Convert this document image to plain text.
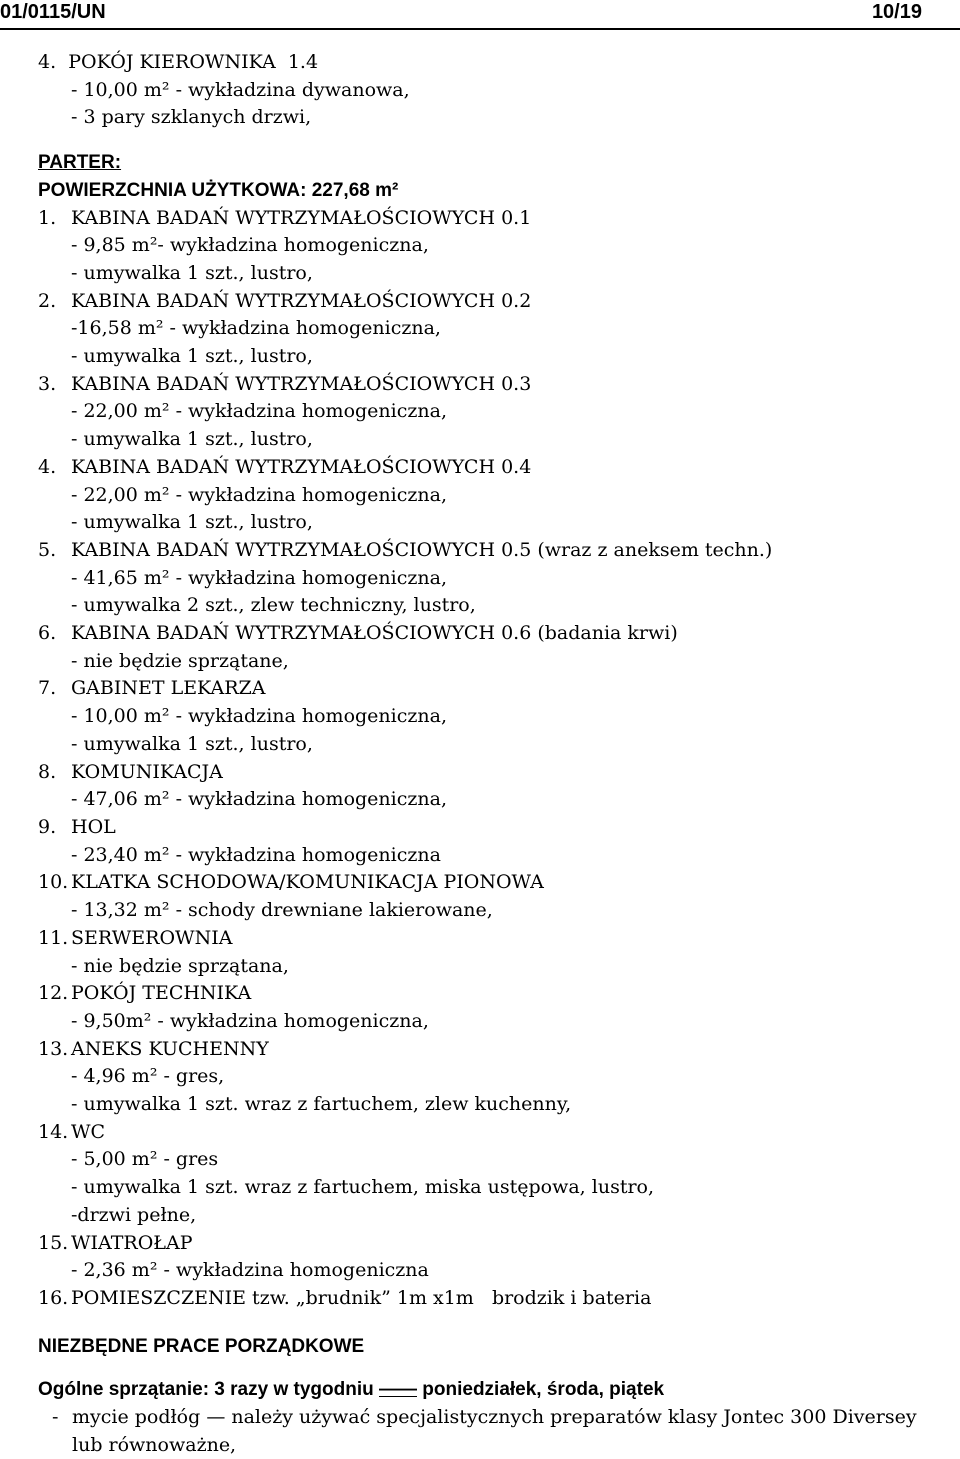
01/0115/UN	10/19
4.  POKÓJ KIEROWNIKA  1.4
- 10,00 m² - wykładzina dywanowa,
- 3 pary szklanych drzwi,
PARTER:
POWIERZCHNIA UŻYTKOWA: 227,68 m²
1. KABINA BADAŃ WYTRZYMAŁOŚCIOWYCH 0.1
- 9,85 m²- wykładzina homogeniczna,
- umywalka 1 szt., lustro,
2. KABINA BADAŃ WYTRZYMAŁOŚCIOWYCH 0.2
-16,58 m² - wykładzina homogeniczna,
- umywalka 1 szt., lustro,
3. KABINA BADAŃ WYTRZYMAŁOŚCIOWYCH 0.3
- 22,00 m² - wykładzina homogeniczna,
- umywalka 1 szt., lustro,
4. KABINA BADAŃ WYTRZYMAŁOŚCIOWYCH 0.4
- 22,00 m² - wykładzina homogeniczna,
- umywalka 1 szt., lustro,
5. KABINA BADAŃ WYTRZYMAŁOŚCIOWYCH 0.5 (wraz z aneksem techn.)
- 41,65 m² - wykładzina homogeniczna,
- umywalka 2 szt., zlew techniczny, lustro,
6. KABINA BADAŃ WYTRZYMAŁOŚCIOWYCH 0.6 (badania krwi)
- nie będzie sprzątane,
7. GABINET LEKARZA
- 10,00 m² - wykładzina homogeniczna,
- umywalka 1 szt., lustro,
8. KOMUNIKACJA
- 47,06 m² - wykładzina homogeniczna,
9. HOL
- 23,40 m² - wykładzina homogeniczna
10. KLATKA SCHODOWA/KOMUNIKACJA PIONOWA
- 13,32 m² - schody drewniane lakierowane,
11. SERWEROWNIA
- nie będzie sprzątana,
12. POKÓJ TECHNIKA
- 9,50m² - wykładzina homogeniczna,
13. ANEKS KUCHENNY
- 4,96 m² - gres,
- umywalka 1 szt. wraz z fartuchem, zlew kuchenny,
14. WC
- 5,00 m² - gres
- umywalka 1 szt. wraz z fartuchem, miska ustępowa, lustro,
-drzwi pełne,
15. WIATROŁAP
- 2,36 m² - wykładzina homogeniczna
16. POMIESZCZENIE tzw. „brudnik” 1m x1m   brodzik i bateria
NIEZBĘDNE PRACE PORZĄDKOWE
Ogólne sprzątanie: 3 razy w tygodniu —— poniedziałek, środa, piątek
- mycie podłóg — należy używać specjalistycznych preparatów klasy Jontec 300 Diversey
lub równoważne,
